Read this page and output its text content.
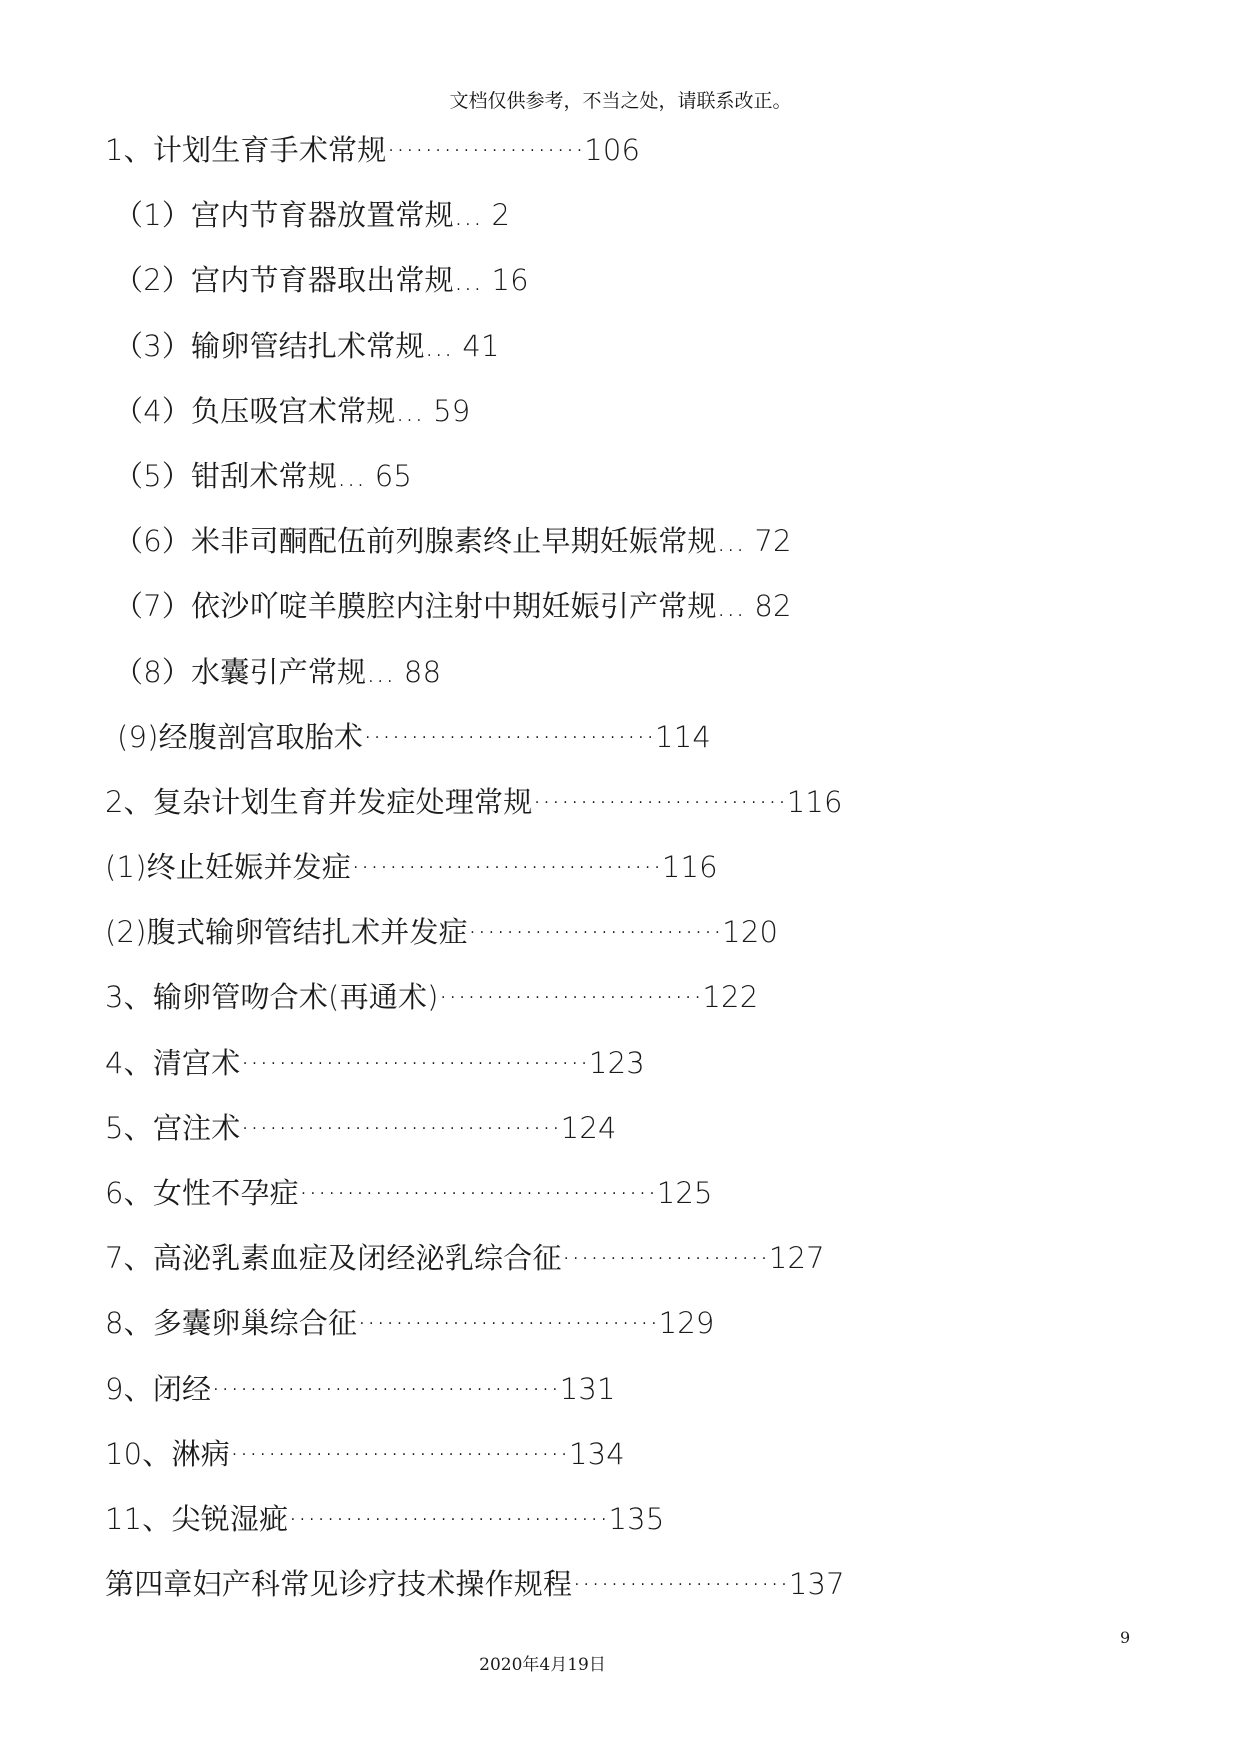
文档仅供参考，不当之处，请联系改正。
1、计划生育手术常规·····················106
（1）宫内节育器放置常规... 2
（2）宫内节育器取出常规... 16
（3）输卵管结扎术常规... 41
（4）负压吸宫术常规... 59
（5）钳刮术常规... 65
（6）米非司酮配伍前列腺素终止早期妊娠常规... 72
（7）依沙吖啶羊膜腔内注射中期妊娠引产常规... 82
（8）水囊引产常规... 88
(9)经腹剖宫取胎术·······························114
2、复杂计划生育并发症处理常规···························116
(1)终止妊娠并发症·································116
(2)腹式输卵管结扎术并发症···························120
3、输卵管吻合术(再通术)····························122
4、清宫术·····································123
5、宫注术··································124
6、女性不孕症······································125
7、高泌乳素血症及闭经泌乳综合征······················127
8、多囊卵巢综合征································129
9、闭经·····································131
10、淋病····································134
11、尖锐湿疵··································135
第四章妇产科常见诊疗技术操作规程·······················137
9
2020年4月19日
